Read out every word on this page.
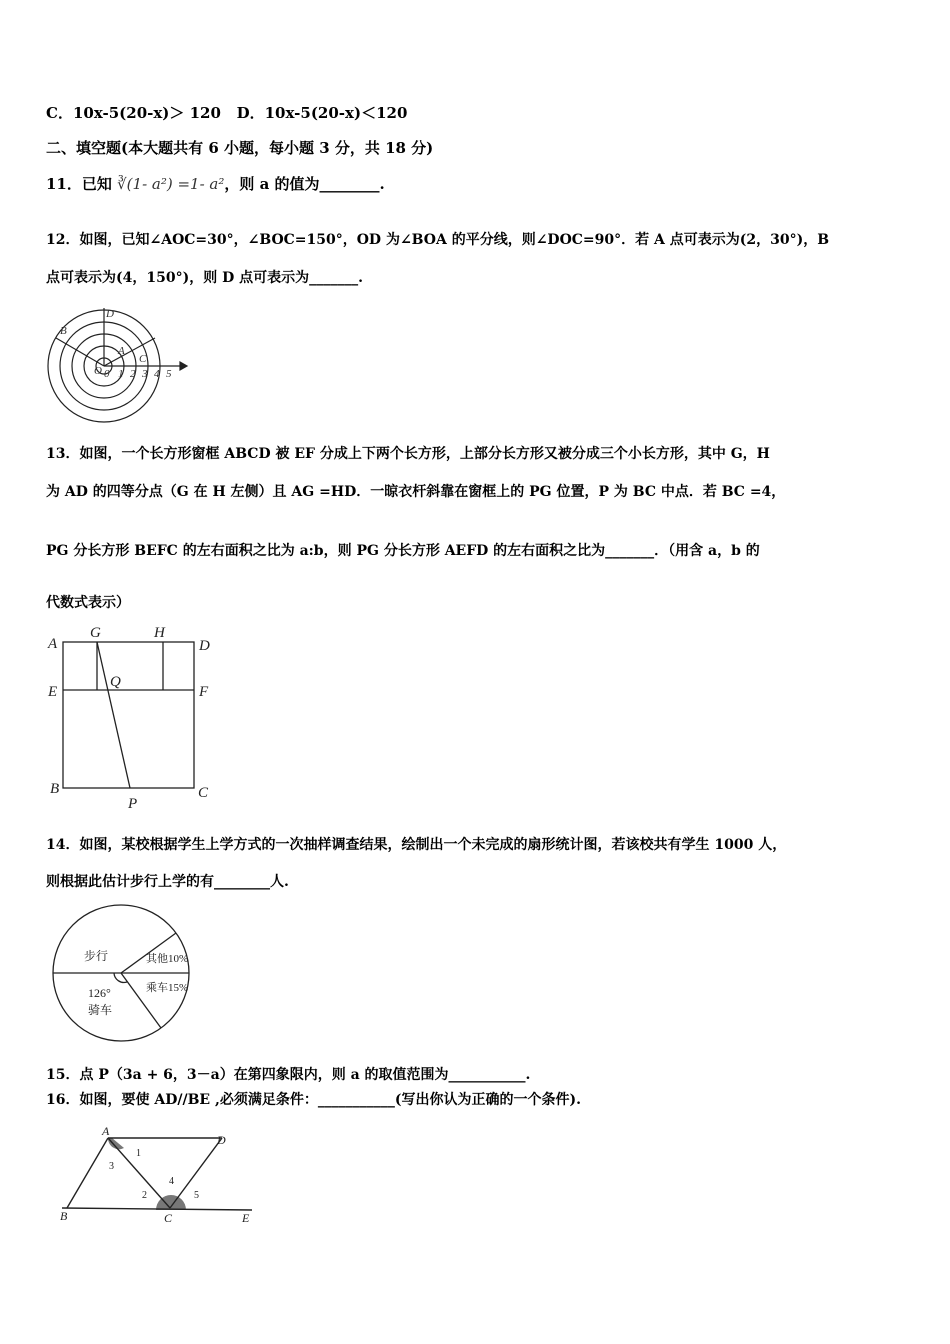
C．10x-5(20-x)＞ 120 D．10x-5(20-x)＜120
二、填空题(本大题共有 6 小题，每小题 3 分，共 18 分)
11．已知 ∛(1- a²) =1- a²，则 a 的值为________.
12．如图，已知∠AOC=30°，∠BOC=150°，OD 为∠BOA 的平分线，则∠DOC=90°．若 A 点可表示为(2，30°)，B
点可表示为(4，150°)，则 D 点可表示为_______.
B
D
A
C
O 0 1 2 3 4 5
13．如图，一个长方形窗框 ABCD 被 EF 分成上下两个长方形，上部分长方形又被分成三个小长方形，其中 G，H
为 AD 的四等分点（G 在 H 左侧）且 AG =HD．一晾衣杆斜靠在窗框上的 PG 位置，P 为 BC 中点．若 BC =4，
PG 分长方形 BEFC 的左右面积之比为 a:b，则 PG 分长方形 AEFD 的左右面积之比为_______．（用含 a，b 的
代数式表示）
A
G	H
D
E
Q
F
B	C
P
14．如图，某校根据学生上学方式的一次抽样调查结果，绘制出一个未完成的扇形统计图，若该校共有学生 1000 人，
则根据此估计步行上学的有________人.
步行	其他10%
乘车15%
126°
骑车
15．点 P（3a + 6，3－a）在第四象限内，则 a 的取值范围为___________.
16．如图，要使 AD//BE ,必须满足条件：___________(写出你认为正确的一个条件).
A
D
B	C	E
1
2
3
4
5
